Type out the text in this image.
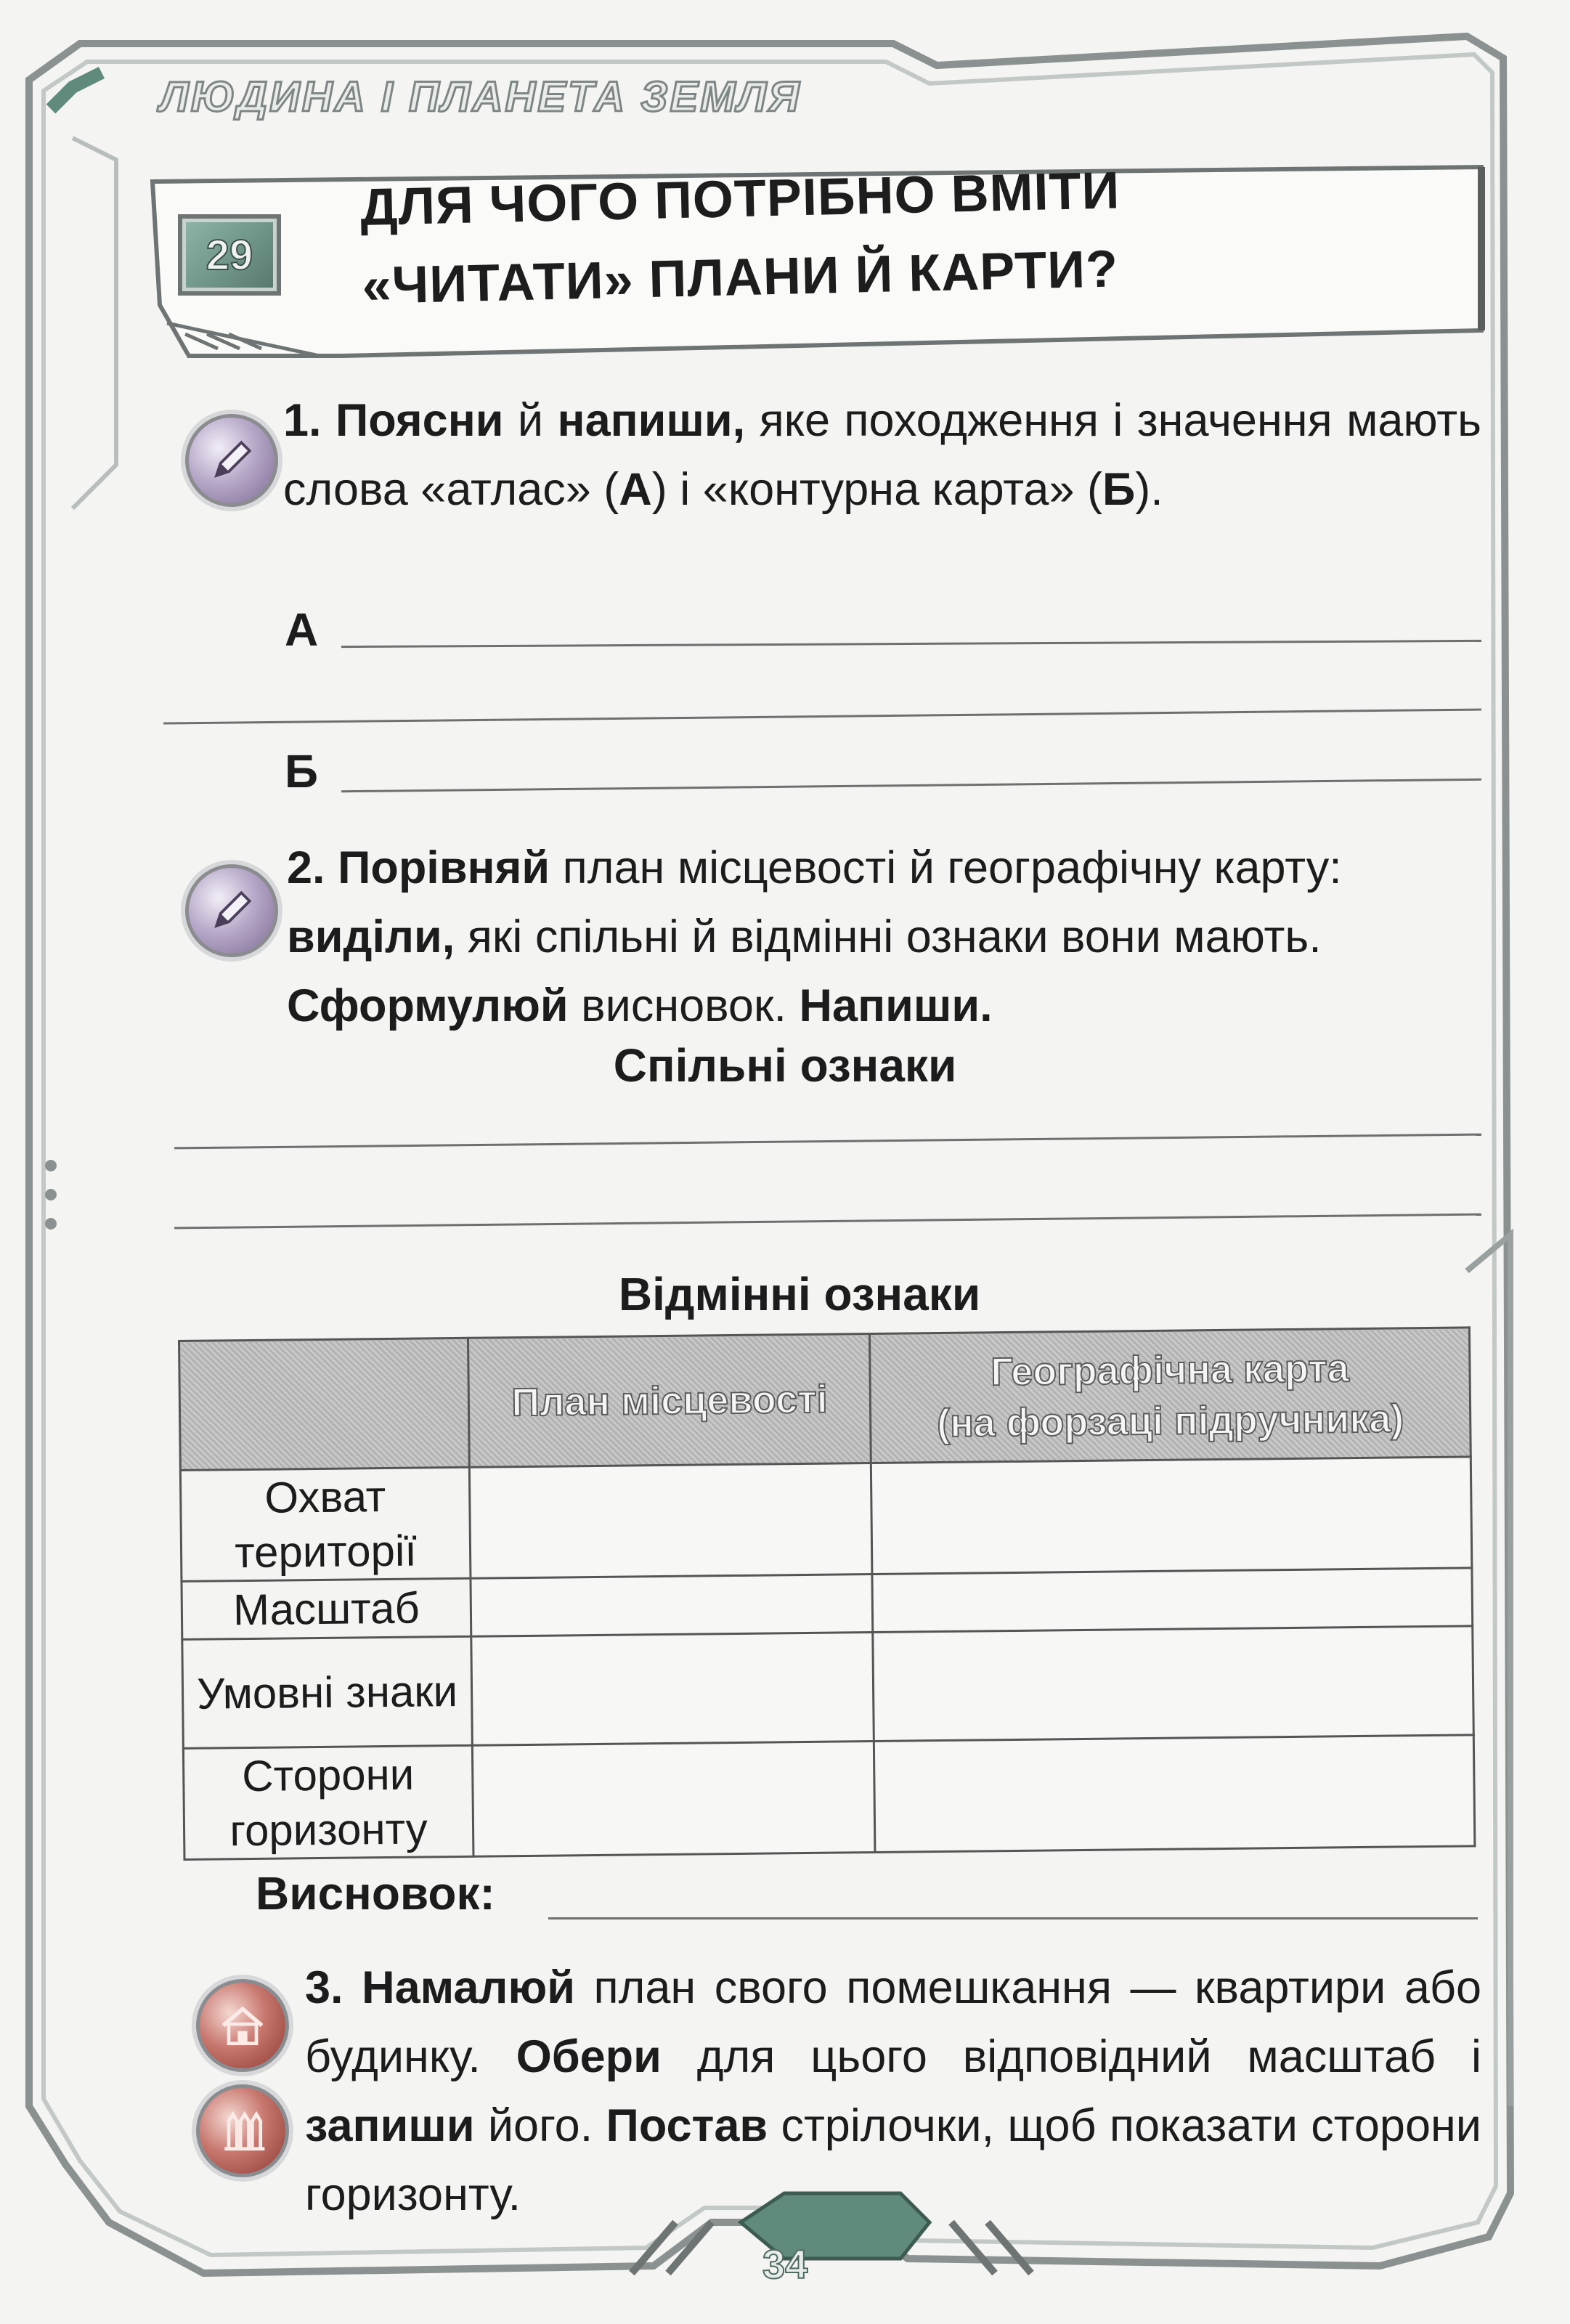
ЛЮДИНА І ПЛАНЕТА ЗЕМЛЯ
29
ДЛЯ ЧОГО ПОТРІБНО ВМІТИ
«ЧИТАТИ» ПЛАНИ Й КАРТИ?
1. Поясни й напиши, яке походження і значення мають слова «атлас» (А) і «контурна карта» (Б).
А
Б
2. Порівняй план місцевості й географічну карту: виділи, які спільні й відмінні ознаки вони мають. Сформулюй висновок. Напиши.
Спільні ознаки
Відмінні ознаки
	План місцевості	Географічна карта
(на форзаці підручника)

Охват території		
Масштаб		
Умовні знаки		
Сторони горизонту		
Висновок:
3. Намалюй план свого помешкання — квартири або будинку. Обери для цього відповідний масштаб і запиши його. Постав стрілочки, щоб показати сторони горизонту.
34
